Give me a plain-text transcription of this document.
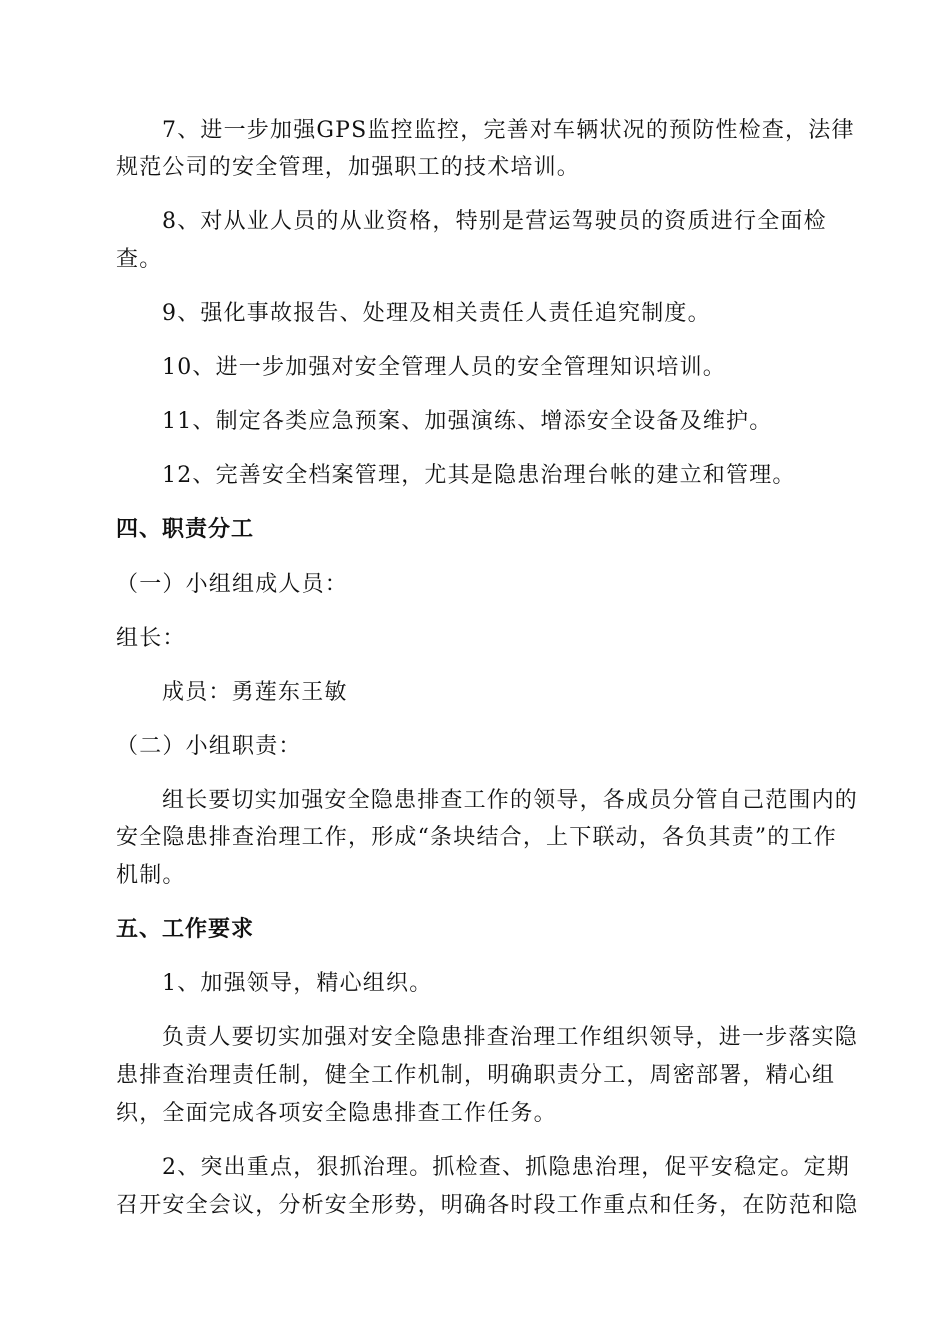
7、进一步加强GPS监控监控，完善对车辆状况的预防性检查，法律
规范公司的安全管理，加强职工的技术培训。
8、对从业人员的从业资格，特别是营运驾驶员的资质进行全面检
查。
9、强化事故报告、处理及相关责任人责任追究制度。
10、进一步加强对安全管理人员的安全管理知识培训。
11、制定各类应急预案、加强演练、增添安全设备及维护。
12、完善安全档案管理，尤其是隐患治理台帐的建立和管理。
四、职责分工
（一）小组组成人员：
组长：
成员：勇莲东王敏
（二）小组职责：
组长要切实加强安全隐患排查工作的领导，各成员分管自己范围内的
安全隐患排查治理工作，形成“条块结合，上下联动，各负其责”的工作
机制。
五、工作要求
1、加强领导，精心组织。
负责人要切实加强对安全隐患排查治理工作组织领导，进一步落实隐
患排查治理责任制，健全工作机制，明确职责分工，周密部署，精心组
织，全面完成各项安全隐患排查工作任务。
2、突出重点，狠抓治理。抓检查、抓隐患治理，促平安稳定。定期
召开安全会议，分析安全形势，明确各时段工作重点和任务，在防范和隐
